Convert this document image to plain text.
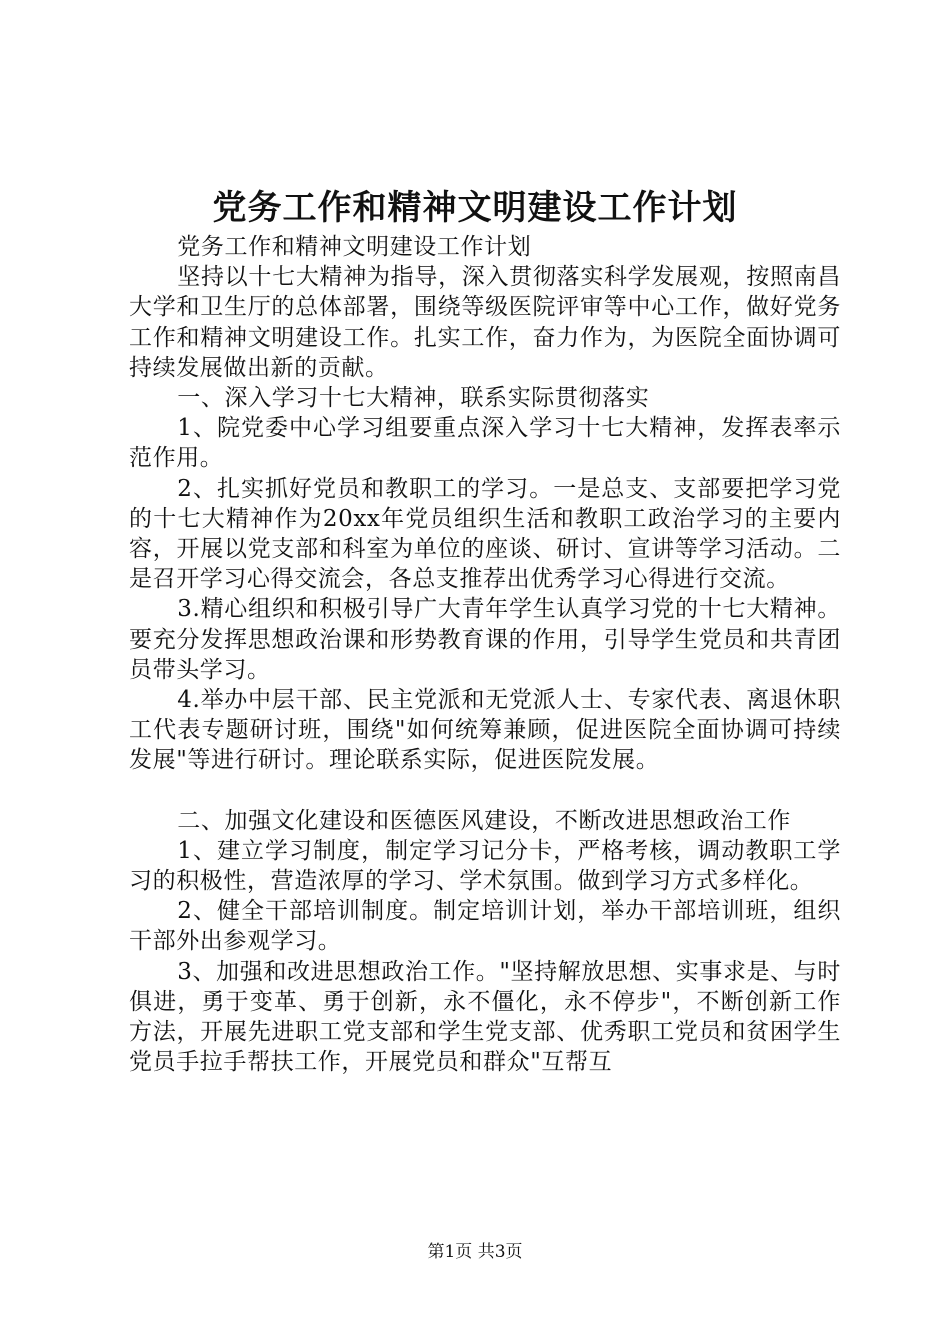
党务工作和精神文明建设工作计划

党务工作和精神文明建设工作计划

坚持以十七大精神为指导，深入贯彻落实科学发展观，按照南昌大学和卫生厅的总体部署，围绕等级医院评审等中心工作，做好党务工作和精神文明建设工作。扎实工作，奋力作为，为医院全面协调可持续发展做出新的贡献。

一、深入学习十七大精神，联系实际贯彻落实

1、院党委中心学习组要重点深入学习十七大精神，发挥表率示范作用。

2、扎实抓好党员和教职工的学习。一是总支、支部要把学习党的十七大精神作为20xx年党员组织生活和教职工政治学习的主要内容，开展以党支部和科室为单位的座谈、研讨、宣讲等学习活动。二是召开学习心得交流会，各总支推荐出优秀学习心得进行交流。

3.精心组织和积极引导广大青年学生认真学习党的十七大精神。要充分发挥思想政治课和形势教育课的作用，引导学生党员和共青团员带头学习。

4.举办中层干部、民主党派和无党派人士、专家代表、离退休职工代表专题研讨班，围绕"如何统筹兼顾，促进医院全面协调可持续发展"等进行研讨。理论联系实际，促进医院发展。

二、加强文化建设和医德医风建设，不断改进思想政治工作

1、建立学习制度，制定学习记分卡，严格考核，调动教职工学习的积极性，营造浓厚的学习、学术氛围。做到学习方式多样化。

2、健全干部培训制度。制定培训计划，举办干部培训班，组织干部外出参观学习。

3、加强和改进思想政治工作。"坚持解放思想、实事求是、与时俱进，勇于变革、勇于创新，永不僵化，永不停步"，不断创新工作方法，开展先进职工党支部和学生党支部、优秀职工党员和贫困学生党员手拉手帮扶工作，开展党员和群众"互帮互

第1页 共3页
